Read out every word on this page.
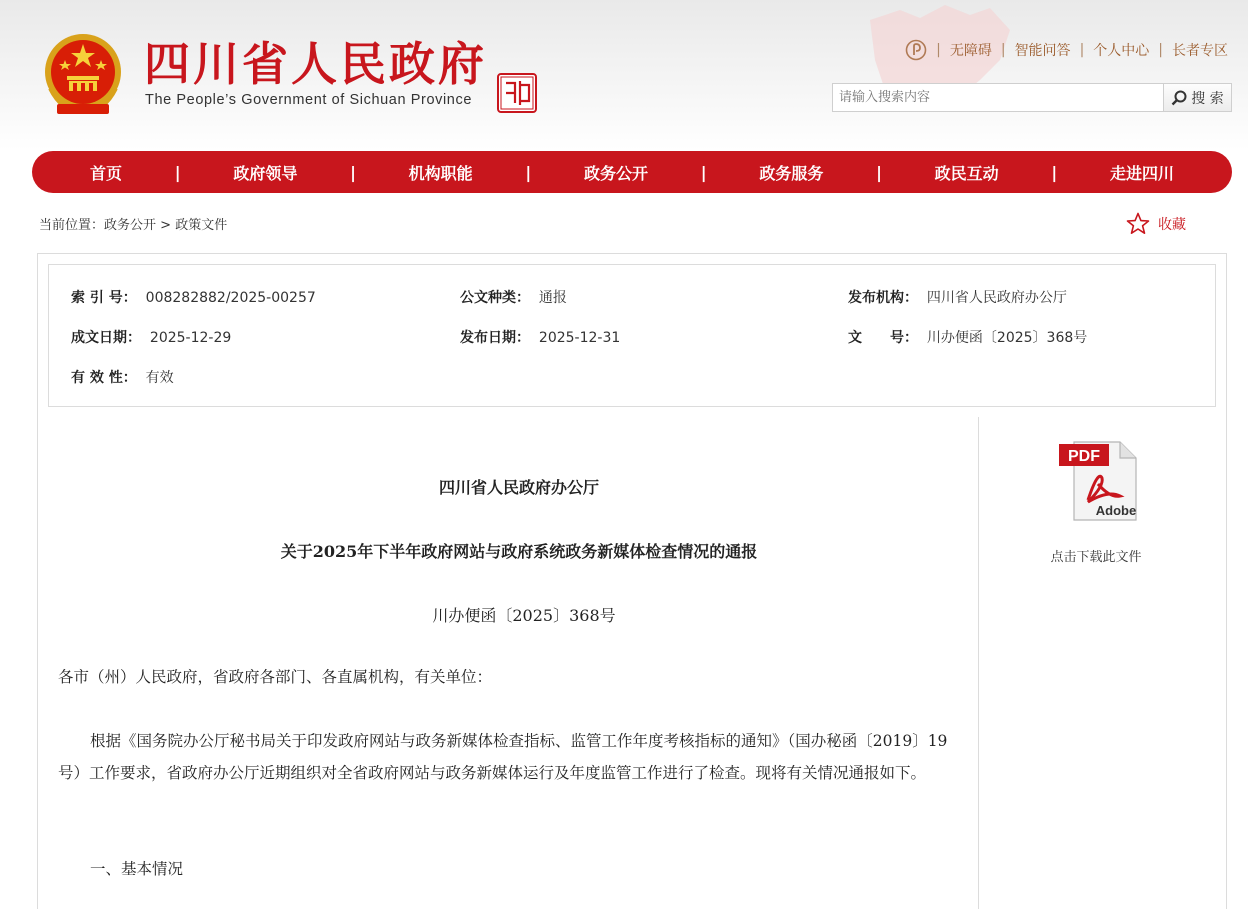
四川省人民政府
The People’s Government of Sichuan Province
| 无障碍 | 智能问答 | 个人中心 | 长者专区
请输入搜索内容
搜 索
首页	|	政府领导	|	机构职能	|	政务公开	|	政务服务	|	政民互动	|	走进四川
当前位置：政务公开 > 政策文件	收藏
索 引 号： 008282882/2025-00257	公文种类： 通报	发布机构： 四川省人民政府办公厅
成文日期： 2025-12-29	发布日期： 2025-12-31	文　　号： 川办便函〔2025〕368号
有 效 性： 有效
四川省人民政府办公厅
关于2025年下半年政府网站与政府系统政务新媒体检查情况的通报
川办便函〔2025〕368号
各市（州）人民政府，省政府各部门、各直属机构，有关单位：
根据《国务院办公厅秘书局关于印发政府网站与政务新媒体检查指标、监管工作年度考核指标的通知》（国办秘函〔2019〕19号）工作要求，省政府办公厅近期组织对全省政府网站与政务新媒体运行及年度监管工作进行了检查。现将有关情况通报如下。
一、基本情况
PDF
Adobe
点击下载此文件
